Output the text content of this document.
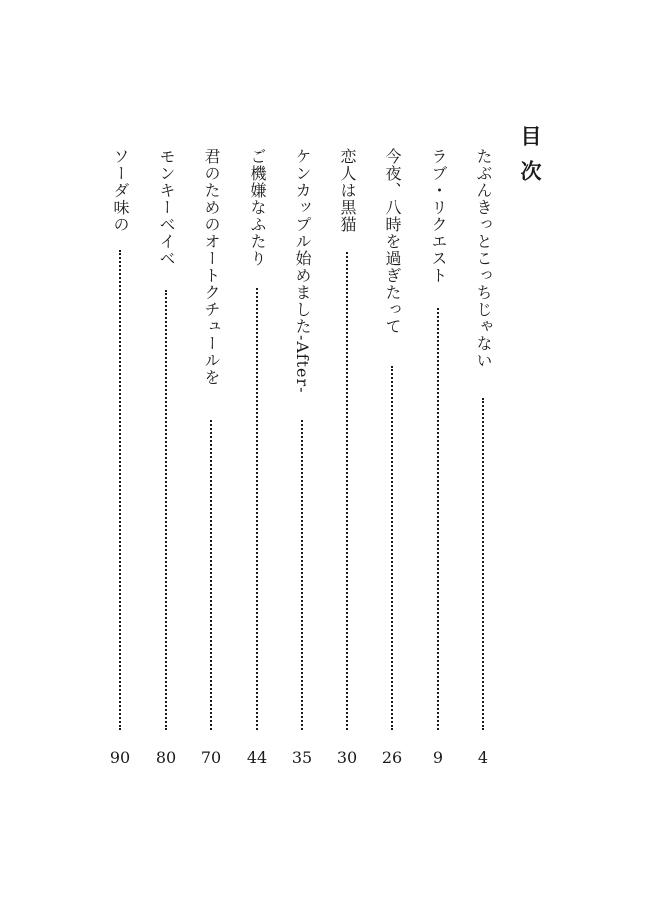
目次
たぶんきっとこっちじゃない
4
ラブ・リクエスト
9
今夜、八時を過ぎたって
26
恋人は黒猫
30
ケンカップル始めました-After-
35
ご機嫌なふたり
44
君のためのオートクチュールを
70
モンキーベイベ
80
ソーダ味の
90
